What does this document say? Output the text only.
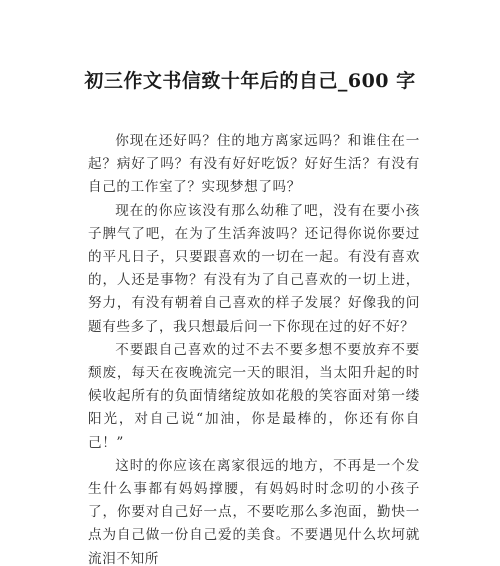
初三作文书信致十年后的自己_600 字

你现在还好吗？住的地方离家远吗？和谁住在一起？病好了吗？有没有好好吃饭？好好生活？有没有自己的工作室了？实现梦想了吗？

现在的你应该没有那么幼稚了吧，没有在要小孩子脾气了吧，在为了生活奔波吗？还记得你说你要过的平凡日子，只要跟喜欢的一切在一起。有没有喜欢的，人还是事物？有没有为了自己喜欢的一切上进，努力，有没有朝着自己喜欢的样子发展？好像我的问题有些多了，我只想最后问一下你现在过的好不好？

不要跟自己喜欢的过不去不要多想不要放弃不要颓废，每天在夜晚流完一天的眼泪，当太阳升起的时候收起所有的负面情绪绽放如花般的笑容面对第一缕阳光，对自己说“加油，你是最棒的，你还有你自己！”

这时的你应该在离家很远的地方，不再是一个发生什么事都有妈妈撑腰，有妈妈时时念叨的小孩子了，你要对自己好一点，不要吃那么多泡面，勤快一点为自己做一份自己爱的美食。不要遇见什么坎坷就流泪不知所
